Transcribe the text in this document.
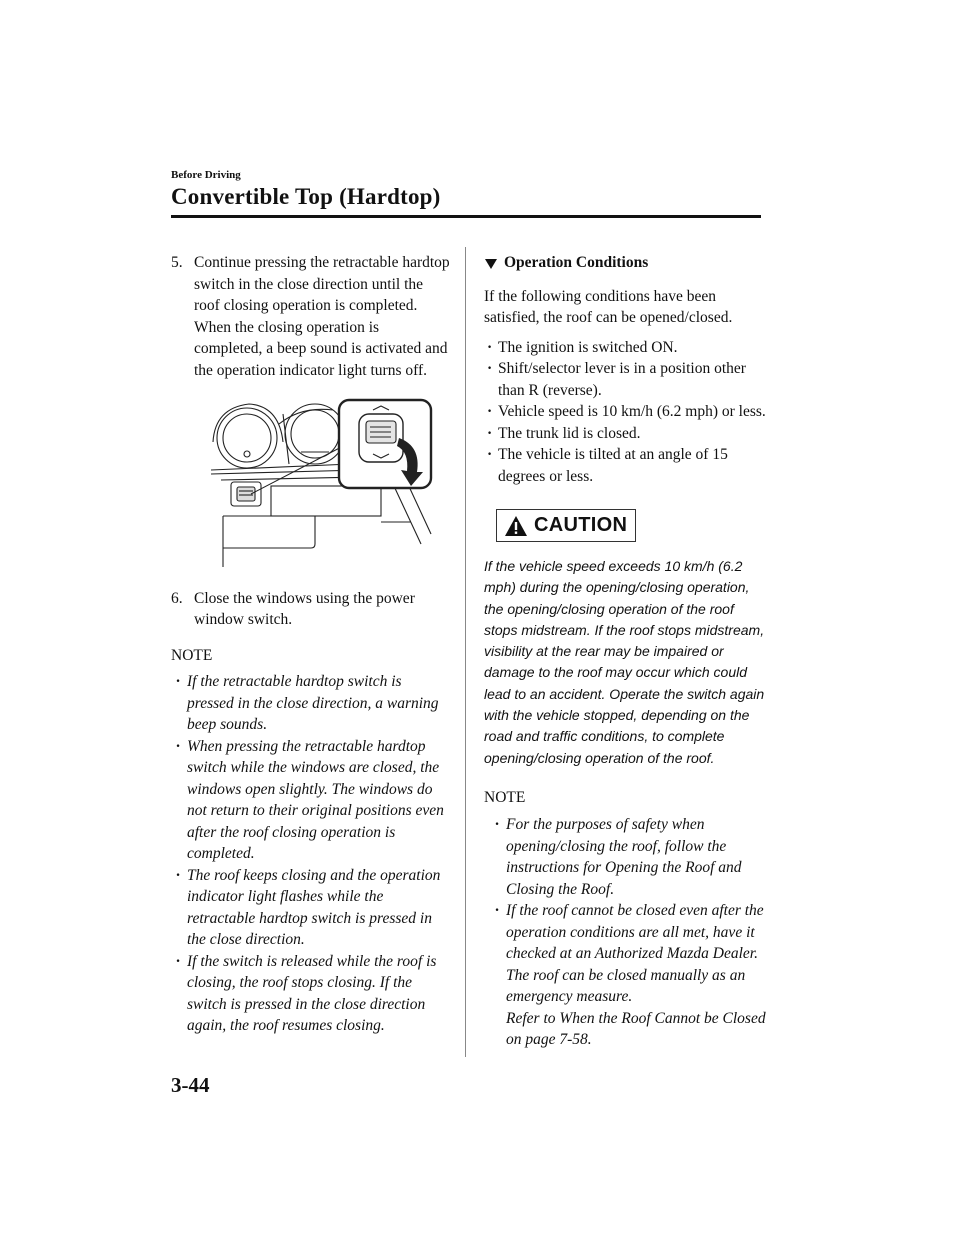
Before Driving
Convertible Top (Hardtop)
5. Continue pressing the retractable hardtop switch in the close direction until the roof closing operation is completed. When the closing operation is completed, a beep sound is activated and the operation indicator light turns off.
6. Close the windows using the power window switch.
NOTE
· If the retractable hardtop switch is pressed in the close direction, a warning beep sounds.
· When pressing the retractable hardtop switch while the windows are closed, the windows open slightly. The windows do not return to their original positions even after the roof closing operation is completed.
· The roof keeps closing and the operation indicator light flashes while the retractable hardtop switch is pressed in the close direction.
· If the switch is released while the roof is closing, the roof stops closing. If the switch is pressed in the close direction again, the roof resumes closing.
Operation Conditions
If the following conditions have been satisfied, the roof can be opened/closed.
· The ignition is switched ON.
· Shift/selector lever is in a position other than R (reverse).
· Vehicle speed is 10 km/h (6.2 mph) or less.
· The trunk lid is closed.
· The vehicle is tilted at an angle of 15 degrees or less.
CAUTION
If the vehicle speed exceeds 10 km/h (6.2 mph) during the opening/closing operation, the opening/closing operation of the roof stops midstream. If the roof stops midstream, visibility at the rear may be impaired or damage to the roof may occur which could lead to an accident. Operate the switch again with the vehicle stopped, depending on the road and traffic conditions, to complete opening/closing operation of the roof.
NOTE
· For the purposes of safety when opening/closing the roof, follow the instructions for Opening the Roof and Closing the Roof.
· If the roof cannot be closed even after the operation conditions are all met, have it checked at an Authorized Mazda Dealer.
The roof can be closed manually as an emergency measure.
Refer to When the Roof Cannot be Closed on page 7-58.
3-44
